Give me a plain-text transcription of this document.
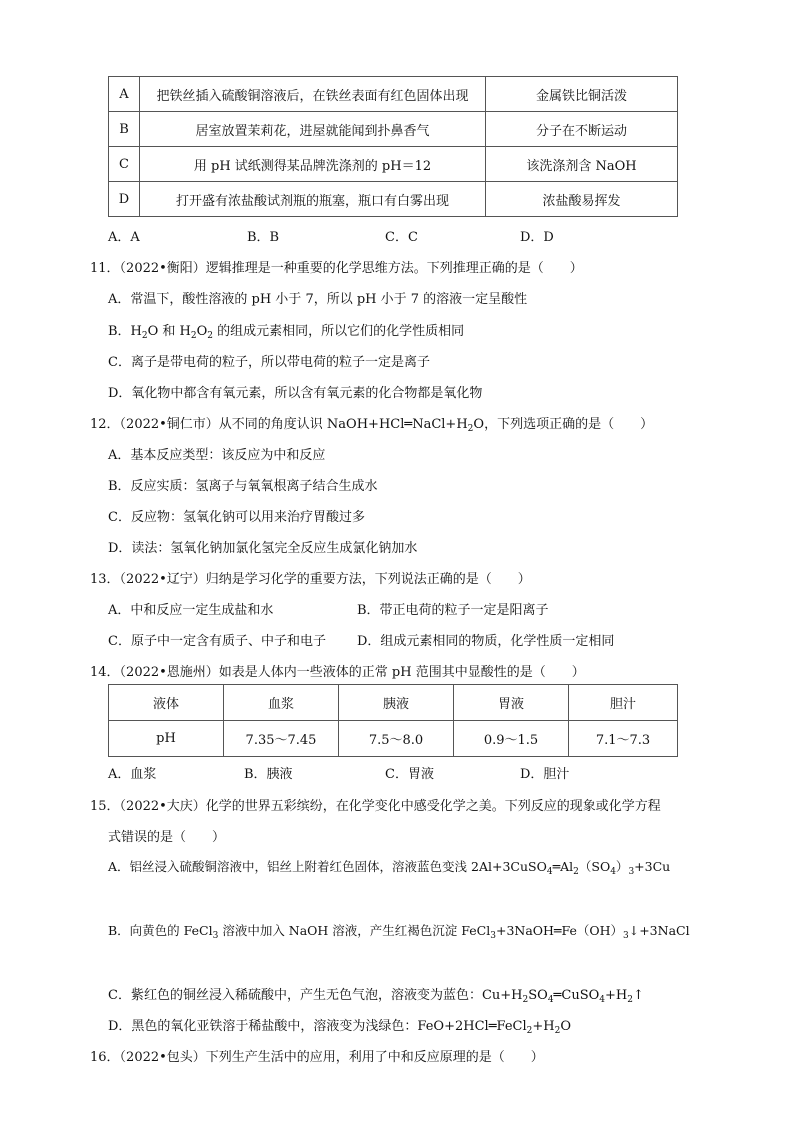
A	把铁丝插入硫酸铜溶液后，在铁丝表面有红色固体出现	金属铁比铜活泼
B	居室放置茉莉花，进屋就能闻到扑鼻香气	分子在不断运动
C	用 pH 试纸测得某品牌洗涤剂的 pH＝12	该洗涤剂含 NaOH
D	打开盛有浓盐酸试剂瓶的瓶塞，瓶口有白雾出现	浓盐酸易挥发
A．A	B．B	C．C	D．D
11．（2022•衡阳）逻辑推理是一种重要的化学思维方法。下列推理正确的是（　　）
A．常温下，酸性溶液的 pH 小于 7，所以 pH 小于 7 的溶液一定呈酸性
B．$H_2O$ 和 $H_2O_2$ 的组成元素相同，所以它们的化学性质相同
C．离子是带电荷的粒子，所以带电荷的粒子一定是离子
D．氧化物中都含有氧元素，所以含有氧元素的化合物都是氧化物
12．（2022•铜仁市）从不同的角度认识 $NaOH+HCl═NaCl+H_2O$，下列选项正确的是（　　）
A．基本反应类型：该反应为中和反应
B．反应实质：氢离子与氧氧根离子结合生成水
C．反应物：氢氧化钠可以用来治疗胃酸过多
D．读法：氢氧化钠加氯化氢完全反应生成氯化钠加水
13．（2022•辽宁）归纳是学习化学的重要方法，下列说法正确的是（　　）
A．中和反应一定生成盐和水	B．带正电荷的粒子一定是阳离子
C．原子中一定含有质子、中子和电子 D．组成元素相同的物质，化学性质一定相同
14．（2022•恩施州）如表是人体内一些液体的正常 pH 范围其中显酸性的是（　　）
液体	血浆	胰液	胃液	胆汁
pH	7.35～7.45	7.5～8.0	0.9～1.5	7.1～7.3
A．血浆	B．胰液	C．胃液	D．胆汁
15．（2022•大庆）化学的世界五彩缤纷，在化学变化中感受化学之美。下列反应的现象或化学方程
式错误的是（　　）
A．铝丝浸入硫酸铜溶液中，铝丝上附着红色固体，溶液蓝色变浅 $2Al+3CuSO_4═Al_2(SO_4)_3+3Cu$
B．向黄色的 FeCl$_3$ 溶液中加入 NaOH 溶液，产生红褐色沉淀 $FeCl_3+3NaOH═Fe(OH)_3↓+3NaCl$
C．紫红色的铜丝浸入稀硫酸中，产生无色气泡，溶液变为蓝色：$Cu+H_2SO_4═CuSO_4+H_2↑$
D．黑色的氧化亚铁溶于稀盐酸中，溶液变为浅绿色：$FeO+2HCl═FeCl_2+H_2O$
16．（2022•包头）下列生产生活中的应用，利用了中和反应原理的是（　　）
